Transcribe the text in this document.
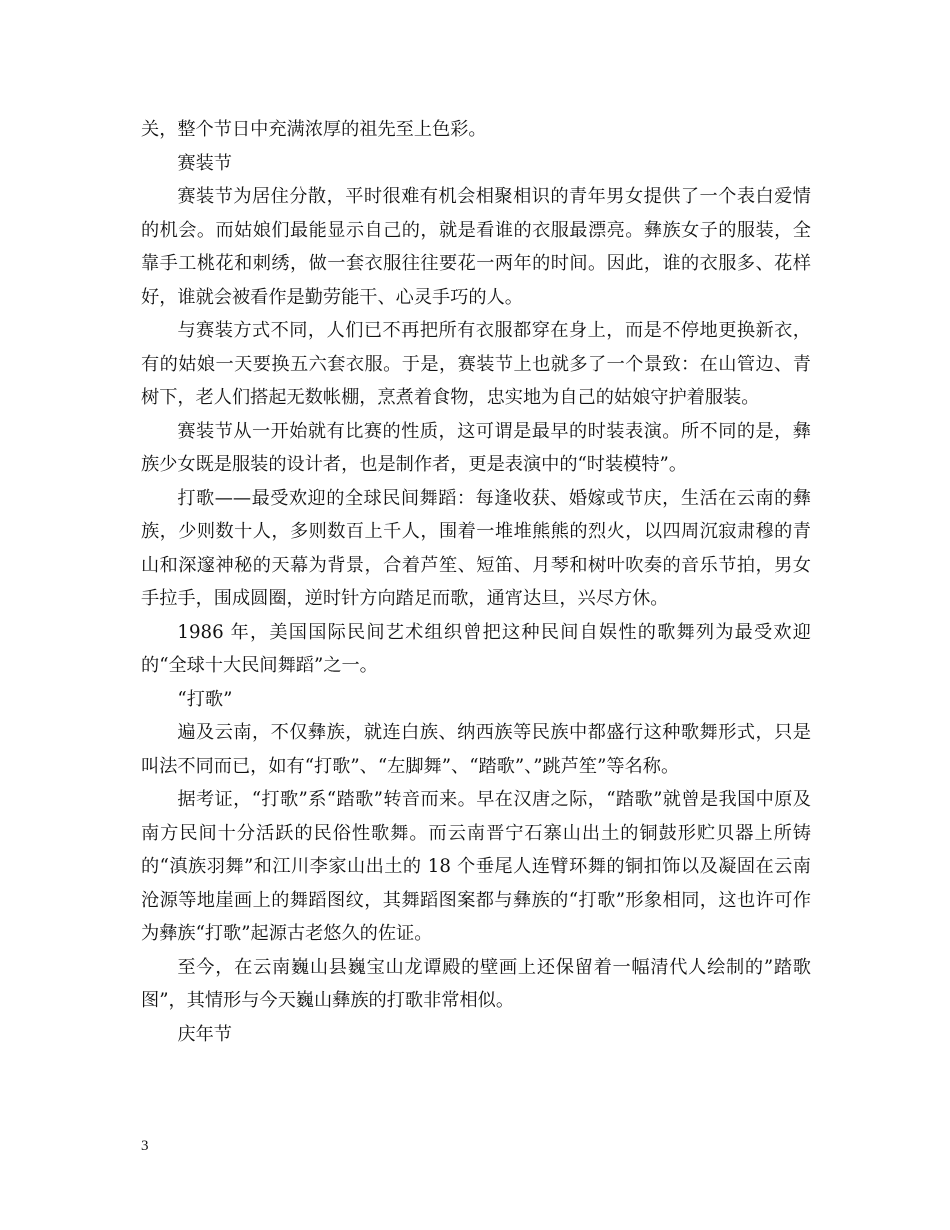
关，整个节日中充满浓厚的祖先至上色彩。

赛装节

赛装节为居住分散，平时很难有机会相聚相识的青年男女提供了一个表白爱情的机会。而姑娘们最能显示自己的，就是看谁的衣服最漂亮。彝族女子的服装，全靠手工桃花和刺绣，做一套衣服往往要花一两年的时间。因此，谁的衣服多、花样好，谁就会被看作是勤劳能干、心灵手巧的人。

与赛装方式不同，人们已不再把所有衣服都穿在身上，而是不停地更换新衣，有的姑娘一天要换五六套衣服。于是，赛装节上也就多了一个景致：在山管边、青树下，老人们搭起无数帐棚，烹煮着食物，忠实地为自己的姑娘守护着服装。

赛装节从一开始就有比赛的性质，这可谓是最早的时装表演。所不同的是，彝族少女既是服装的设计者，也是制作者，更是表演中的“时装模特”。

打歌——最受欢迎的全球民间舞蹈：每逢收获、婚嫁或节庆，生活在云南的彝族，少则数十人，多则数百上千人，围着一堆堆熊熊的烈火，以四周沉寂肃穆的青山和深邃神秘的天幕为背景，合着芦笙、短笛、月琴和树叶吹奏的音乐节拍，男女手拉手，围成圆圈，逆时针方向踏足而歌，通宵达旦，兴尽方休。

1986 年，美国国际民间艺术组织曾把这种民间自娱性的歌舞列为最受欢迎的“全球十大民间舞蹈”之一。

“打歌”

遍及云南，不仅彝族，就连白族、纳西族等民族中都盛行这种歌舞形式，只是叫法不同而已，如有“打歌”、“左脚舞”、“踏歌”、”跳芦笙”等名称。

据考证，“打歌”系“踏歌”转音而来。早在汉唐之际，“踏歌”就曾是我国中原及南方民间十分活跃的民俗性歌舞。而云南晋宁石寨山出土的铜鼓形贮贝器上所铸的“滇族羽舞”和江川李家山出土的 18 个垂尾人连臂环舞的铜扣饰以及凝固在云南沧源等地崖画上的舞蹈图纹，其舞蹈图案都与彝族的“打歌”形象相同，这也许可作为彝族“打歌”起源古老悠久的佐证。

至今，在云南巍山县巍宝山龙谭殿的壁画上还保留着一幅清代人绘制的”踏歌图”，其情形与今天巍山彝族的打歌非常相似。

庆年节

3
